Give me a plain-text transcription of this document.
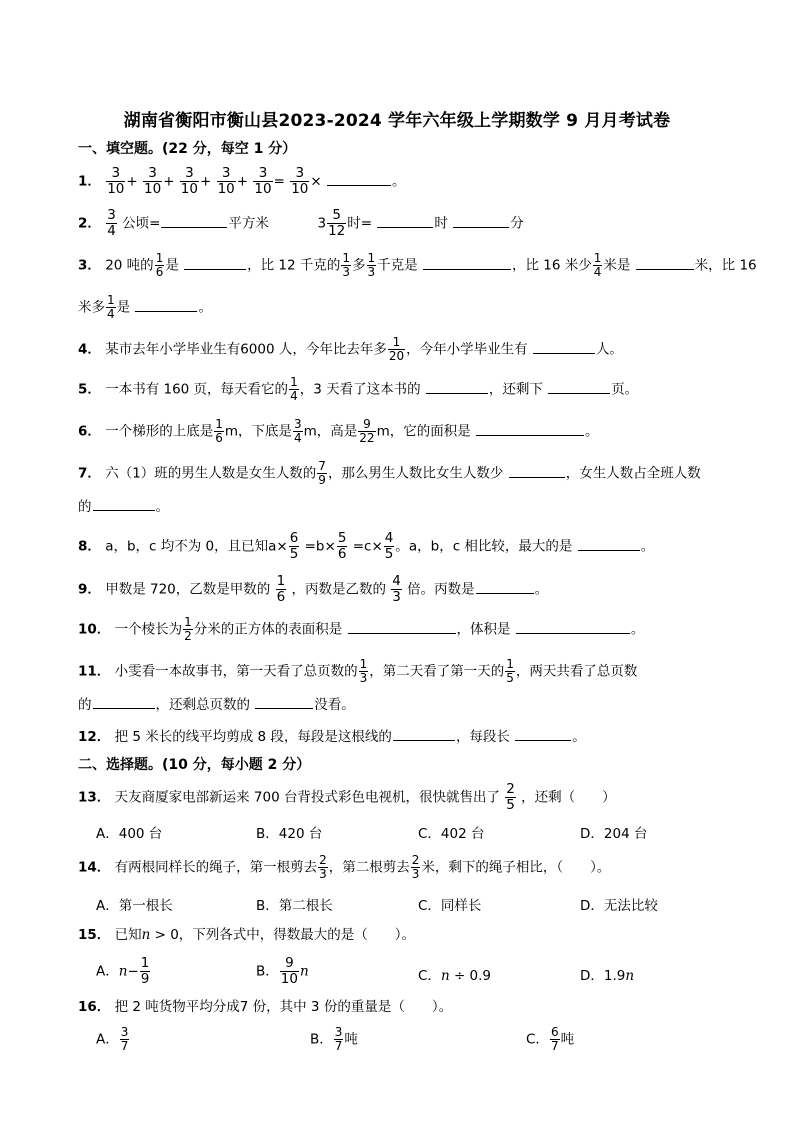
湖南省衡阳市衡山县2023-2024 学年六年级上学期数学 9 月月考试卷
一、填空题。(22 分，每空 1 分）
1． $\frac{3}{10} + \frac{3}{10} + \frac{3}{10} + \frac{3}{10} + \frac{3}{10} = \frac{3}{10}$ ×	。
2． $\frac{3}{4}$ 公顷=	平方米	$3 \frac{5}{12}$ 时=	时	分
3． 20 吨的 $\frac{1}{6}$ 是	，比 12 千克的 $\frac{1}{3}$ 多 $\frac{1}{3}$ 千克是	，比 16 米少 $\frac{1}{4}$ 米是	米，比 16
米多 $\frac{1}{4}$ 是	。
4． 某市去年小学毕业生有6000 人，今年比去年多 $\frac{1}{20}$ ，今年小学毕业生有	人。
5． 一本书有 160 页，每天看它的 $\frac{1}{4}$ ，3 天看了这本书的	，还剩下	页。
6． 一个梯形的上底是 $\frac{1}{6}$ m，下底是 $\frac{3}{4}$ m，高是 $\frac{9}{22}$ m，它的面积是	。
7． 六（1）班的男生人数是女生人数的 $\frac{7}{9}$ ，那么男生人数比女生人数少	，女生人数占全班人数
的	。
8． a，b，c 均不为 0，且已知$a\times \frac{6}{5} =b\times \frac{5}{6} =c\times \frac{4}{5}$ 。a，b，c 相比较，最大的是	。
9． 甲数是 720，乙数是甲数的 $\frac{1}{6}$ ，丙数是乙数的 $\frac{4}{3}$ 倍。丙数是	。
10． 一个棱长为 $\frac{1}{2}$ 分米的正方体的表面积是	，体积是	。
11． 小雯看一本故事书，第一天看了总页数的 $\frac{1}{3}$ ，第二天看了第一天的 $\frac{1}{5}$ ，两天共看了总页数
的	，还剩总页数的	没看。
12． 把 5 米长的线平均剪成 8 段，每段是这根线的	，每段长	。
二、选择题。(10 分，每小题 2 分）
13． 天友商厦家电部新运来 700 台背投式彩色电视机，很快就售出了 $\frac{2}{5}$ ，还剩（　　）
A．400 台	B．420 台	C．402 台	D．204 台
14． 有两根同样长的绳子，第一根剪去 $\frac{2}{3}$ ，第二根剪去 $\frac{2}{3}$ 米，剩下的绳子相比，（　　）。
A．第一根长	B．第二根长	C．同样长	D．无法比较
15． 已知n > 0，下列各式中，得数最大的是（　　）。
A．$n- \frac{1}{9}$	B． $\frac{9}{10}$ n	C．n ÷ 0.9	D．1.9n
16． 把 2 吨货物平均分成7 份，其中 3 份的重量是（　　）。
A． $\frac{3}{7}$	B． $\frac{3}{7}$ 吨	C． $\frac{6}{7}$ 吨
